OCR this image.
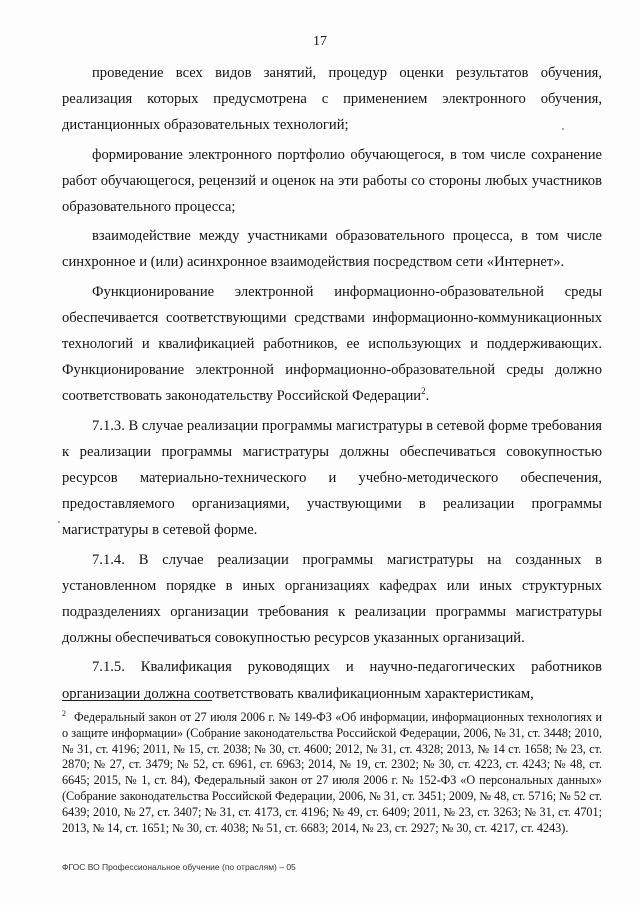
17

проведение всех видов занятий, процедур оценки результатов обучения, реализация которых предусмотрена с применением электронного обучения, дистанционных образовательных технологий;

формирование электронного портфолио обучающегося, в том числе сохранение работ обучающегося, рецензий и оценок на эти работы со стороны любых участников образовательного процесса;

взаимодействие между участниками образовательного процесса, в том числе синхронное и (или) асинхронное взаимодействия посредством сети «Интернет».

Функционирование электронной информационно-образовательной среды обеспечивается соответствующими средствами информационно-коммуникационных технологий и квалификацией работников, ее использующих и поддерживающих. Функционирование электронной информационно-образовательной среды должно соответствовать законодательству Российской Федерации$^2$.

7.1.3. В случае реализации программы магистратуры в сетевой форме требования к реализации программы магистратуры должны обеспечиваться совокупностью ресурсов материально-технического и учебно-методического обеспечения, предоставляемого организациями, участвующими в реализации программы магистратуры в сетевой форме.

7.1.4. В случае реализации программы магистратуры на созданных в установленном порядке в иных организациях кафедрах или иных структурных подразделениях организации требования к реализации программы магистратуры должны обеспечиваться совокупностью ресурсов указанных организаций.

7.1.5. Квалификация руководящих и научно-педагогических работников организации должна соответствовать квалификационным характеристикам,

$^2$ Федеральный закон от 27 июля 2006 г. № 149-ФЗ «Об информации, информационных технологиях и о защите информации» (Собрание законодательства Российской Федерации, 2006, № 31, ст. 3448; 2010, № 31, ст. 4196; 2011, № 15, ст. 2038; № 30, ст. 4600; 2012, № 31, ст. 4328; 2013, № 14 ст. 1658; № 23, ст. 2870; № 27, ст. 3479; № 52, ст. 6961, ст. 6963; 2014, № 19, ст. 2302; № 30, ст. 4223, ст. 4243; № 48, ст. 6645; 2015, № 1, ст. 84), Федеральный закон от 27 июля 2006 г. № 152-ФЗ «О персональных данных» (Собрание законодательства Российской Федерации, 2006, № 31, ст. 3451; 2009, № 48, ст. 5716; № 52 ст. 6439; 2010, № 27, ст. 3407; № 31, ст. 4173, ст. 4196; № 49, ст. 6409; 2011, № 23, ст. 3263; № 31, ст. 4701; 2013, № 14, ст. 1651; № 30, ст. 4038; № 51, ст. 6683; 2014, № 23, ст. 2927; № 30, ст. 4217, ст. 4243).
ФГОС ВО Профессиональное обучение (по отраслям) – 05
